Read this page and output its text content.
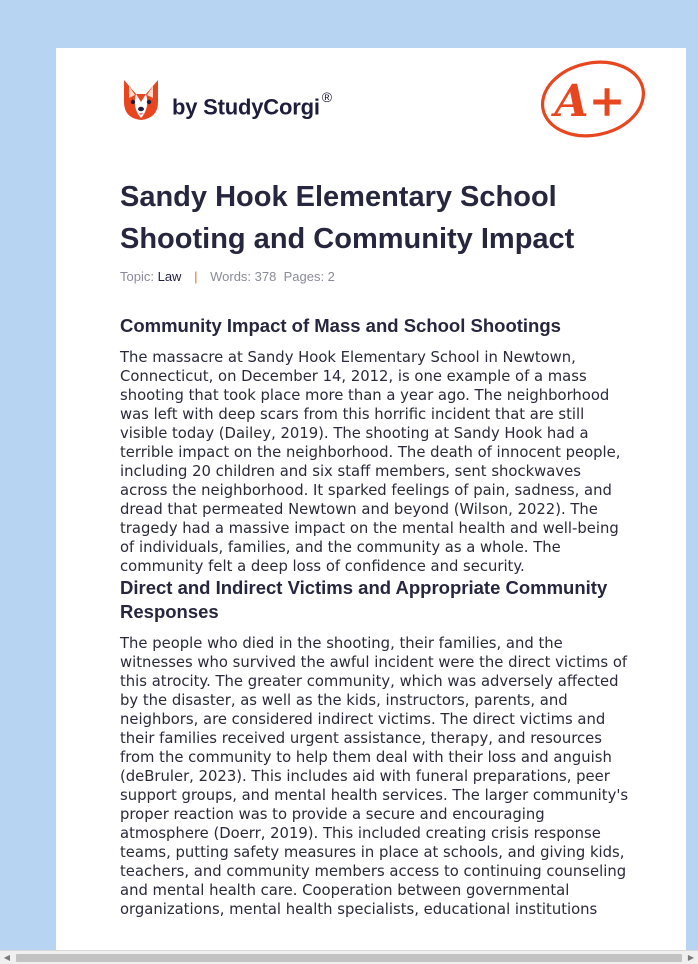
by StudyCorgi ®	A+
Sandy Hook Elementary School Shooting and Community Impact
Topic: Law | Words: 378 Pages: 2
Community Impact of Mass and School Shootings

The massacre at Sandy Hook Elementary School in Newtown, Connecticut, on December 14, 2012, is one example of a mass shooting that took place more than a year ago. The neighborhood was left with deep scars from this horrific incident that are still visible today (Dailey, 2019). The shooting at Sandy Hook had a terrible impact on the neighborhood. The death of innocent people, including 20 children and six staff members, sent shockwaves across the neighborhood. It sparked feelings of pain, sadness, and dread that permeated Newtown and beyond (Wilson, 2022). The tragedy had a massive impact on the mental health and well-being of individuals, families, and the community as a whole. The community felt a deep loss of confidence and security.

Direct and Indirect Victims and Appropriate Community Responses

The people who died in the shooting, their families, and the witnesses who survived the awful incident were the direct victims of this atrocity. The greater community, which was adversely affected by the disaster, as well as the kids, instructors, parents, and neighbors, are considered indirect victims. The direct victims and their families received urgent assistance, therapy, and resources from the community to help them deal with their loss and anguish (deBruler, 2023). This includes aid with funeral preparations, peer support groups, and mental health services. The larger community's proper reaction was to provide a secure and encouraging atmosphere (Doerr, 2019). This included creating crisis response teams, putting safety measures in place at schools, and giving kids, teachers, and community members access to continuing counseling and mental health care. Cooperation between governmental organizations, mental health specialists, educational institutions

◀	▶
